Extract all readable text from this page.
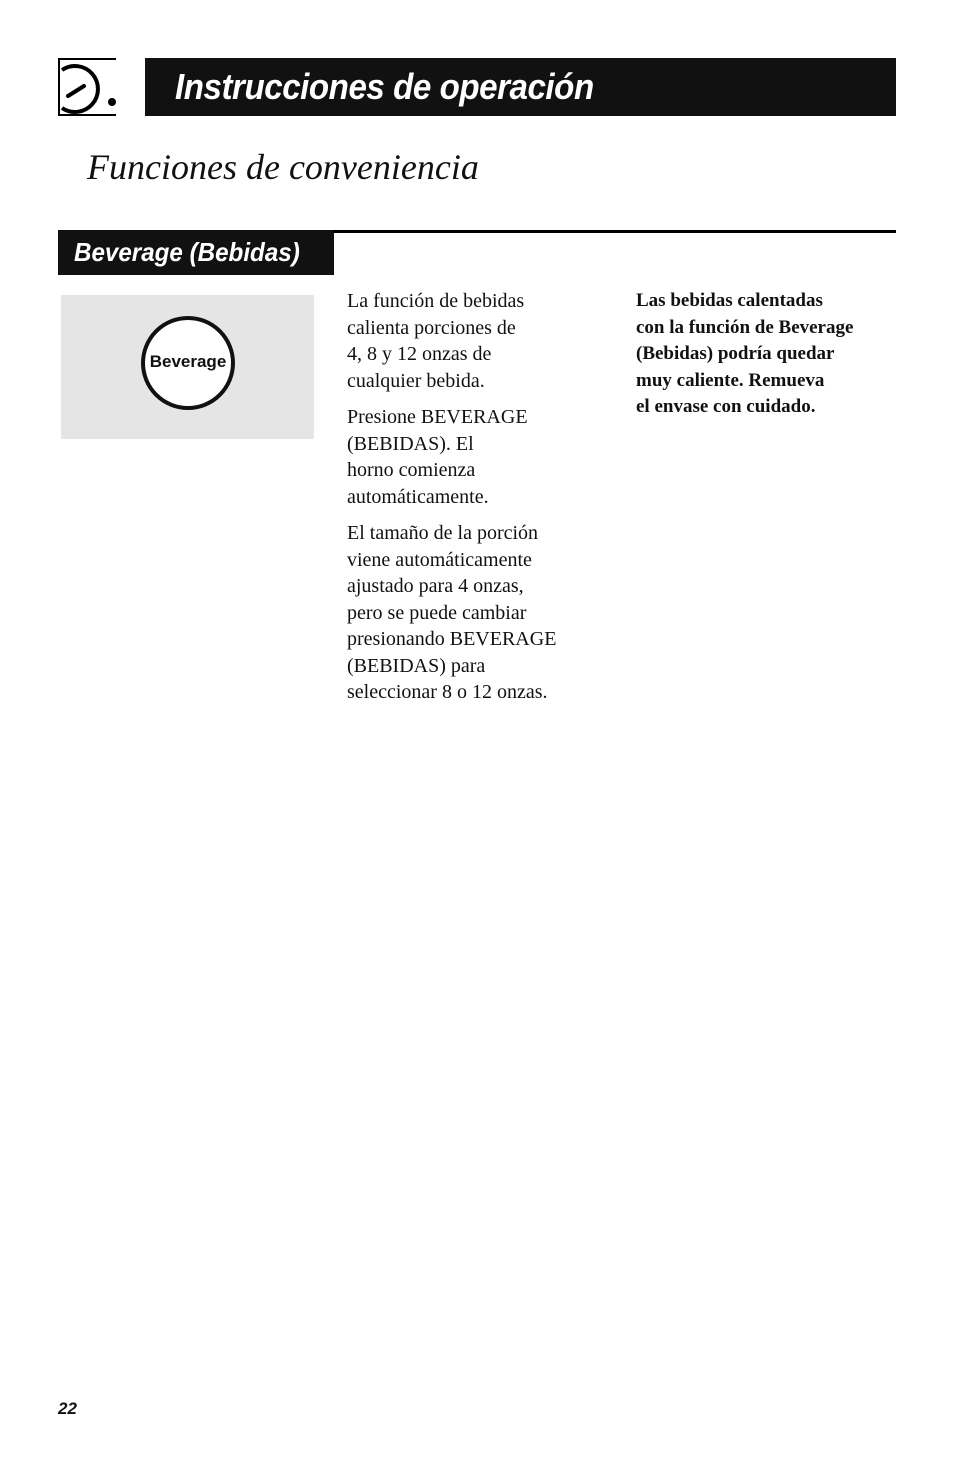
Instrucciones de operación
Funciones de conveniencia
Beverage (Bebidas)
Beverage

La función de bebidas
calienta porciones de
4, 8 y 12 onzas de
cualquier bebida.

Presione BEVERAGE
(BEBIDAS). El
horno comienza
automáticamente.

El tamaño de la porción
viene automáticamente
ajustado para 4 onzas,
pero se puede cambiar
presionando BEVERAGE
(BEBIDAS) para
seleccionar 8 o 12 onzas.

Las bebidas calentadas
con la función de Beverage
(Bebidas) podría quedar
muy caliente. Remueva
el envase con cuidado.
22
